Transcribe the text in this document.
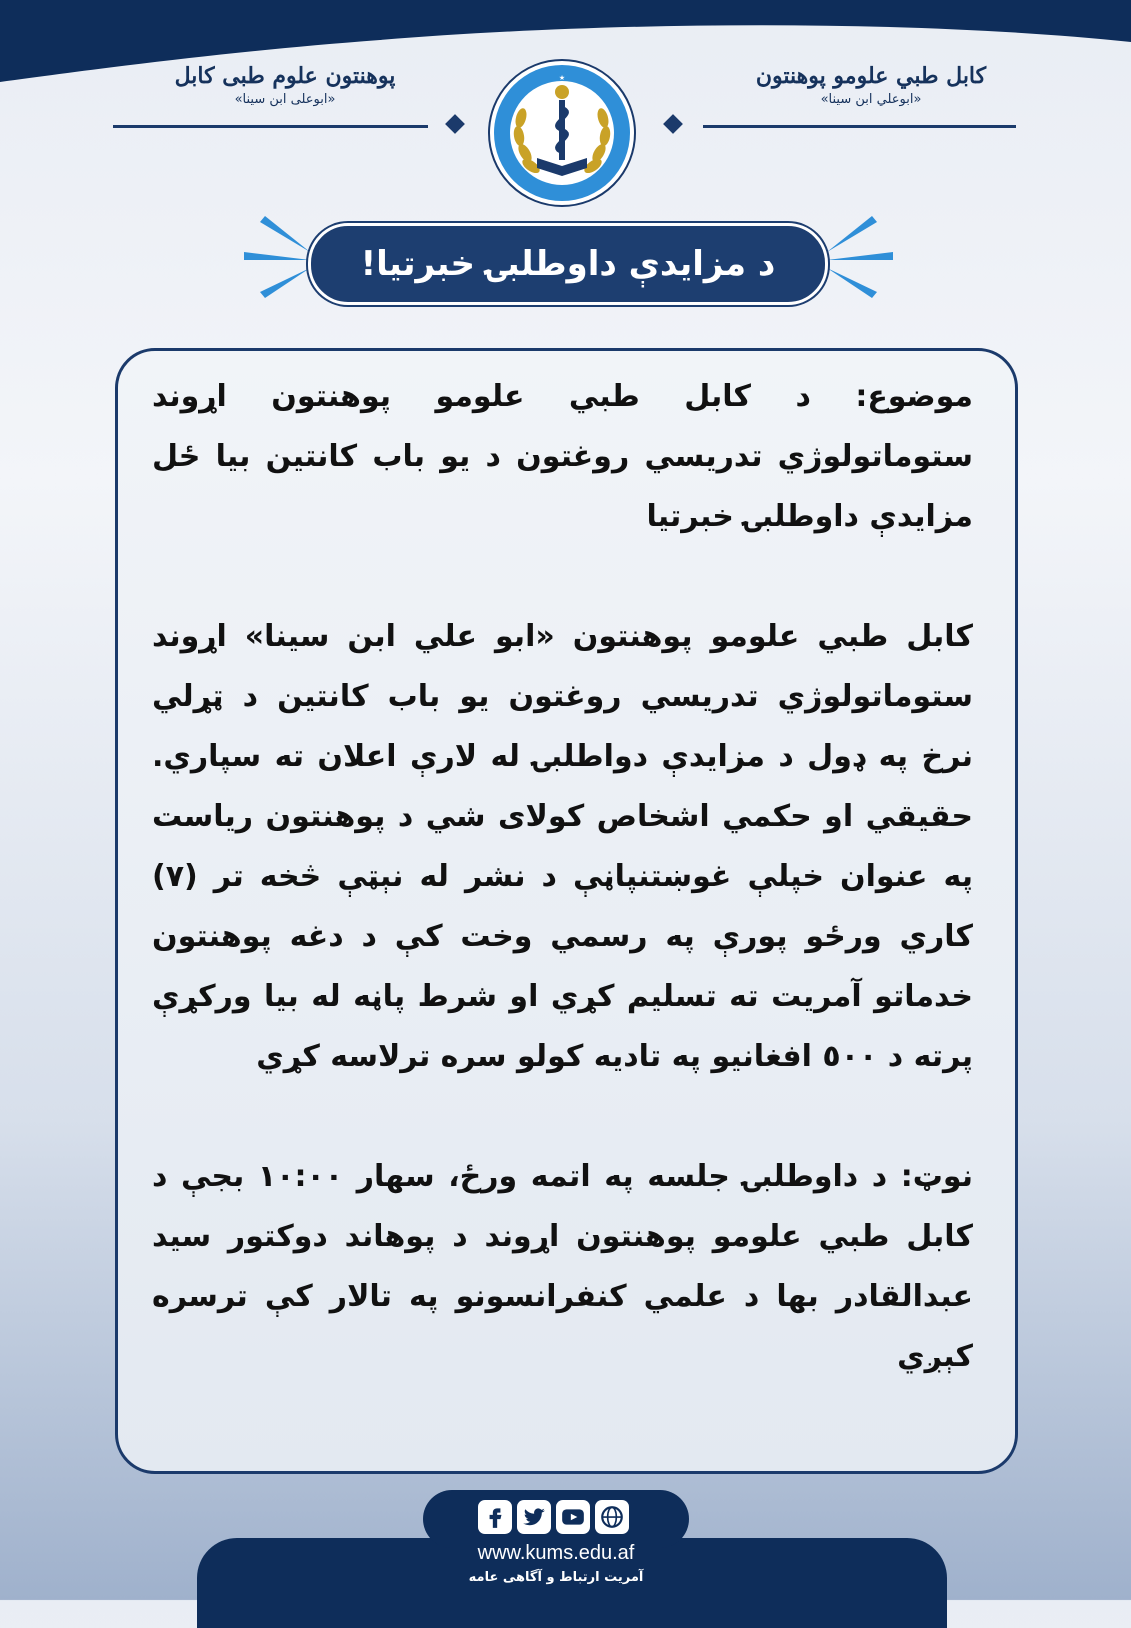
کابل طبي علومو پوهنتون
«ابوعلي ابن سينا»
پوهنتون علوم طبی کابل
«ابوعلی ابن سینا»
★
د مزايدې داوطلبۍ خبرتيا!

موضوع: د کابل طبي علومو پوهنتون اړوند ستوماتولوژي تدريسي روغتون د يو باب کانتين بيا ځل مزايدې داوطلبۍ خبرتيا

کابل طبي علومو پوهنتون «ابو علي ابن سينا» اړوند ستوماتولوژي تدريسي روغتون يو باب کانتين د ټړلي نرخ په ډول د مزايدې دواطلبۍ له لارې اعلان ته سپاري. حقيقي او حکمي اشخاص کولای شي د پوهنتون رياست په عنوان خپلې غوښتنپاڼې د نشر له نېټې څخه تر (٧) کاري ورځو پورې په رسمي وخت کې د دغه پوهنتون خدماتو آمريت ته تسليم کړي او شرط پاڼه له بيا ورکړې پرته د ٥٠٠ افغانيو په تاديه کولو سره ترلاسه کړي

نوټ: د داوطلبۍ جلسه په اتمه ورځ، سهار ۱۰:۰۰ بجې د کابل طبي علومو پوهنتون اړوند د پوهاند دوکتور سيد عبدالقادر بها د علمي کنفرانسونو په تالار کې ترسره کېږي

www.kums.edu.af
آمریت ارتباط و آگاهی عامه
